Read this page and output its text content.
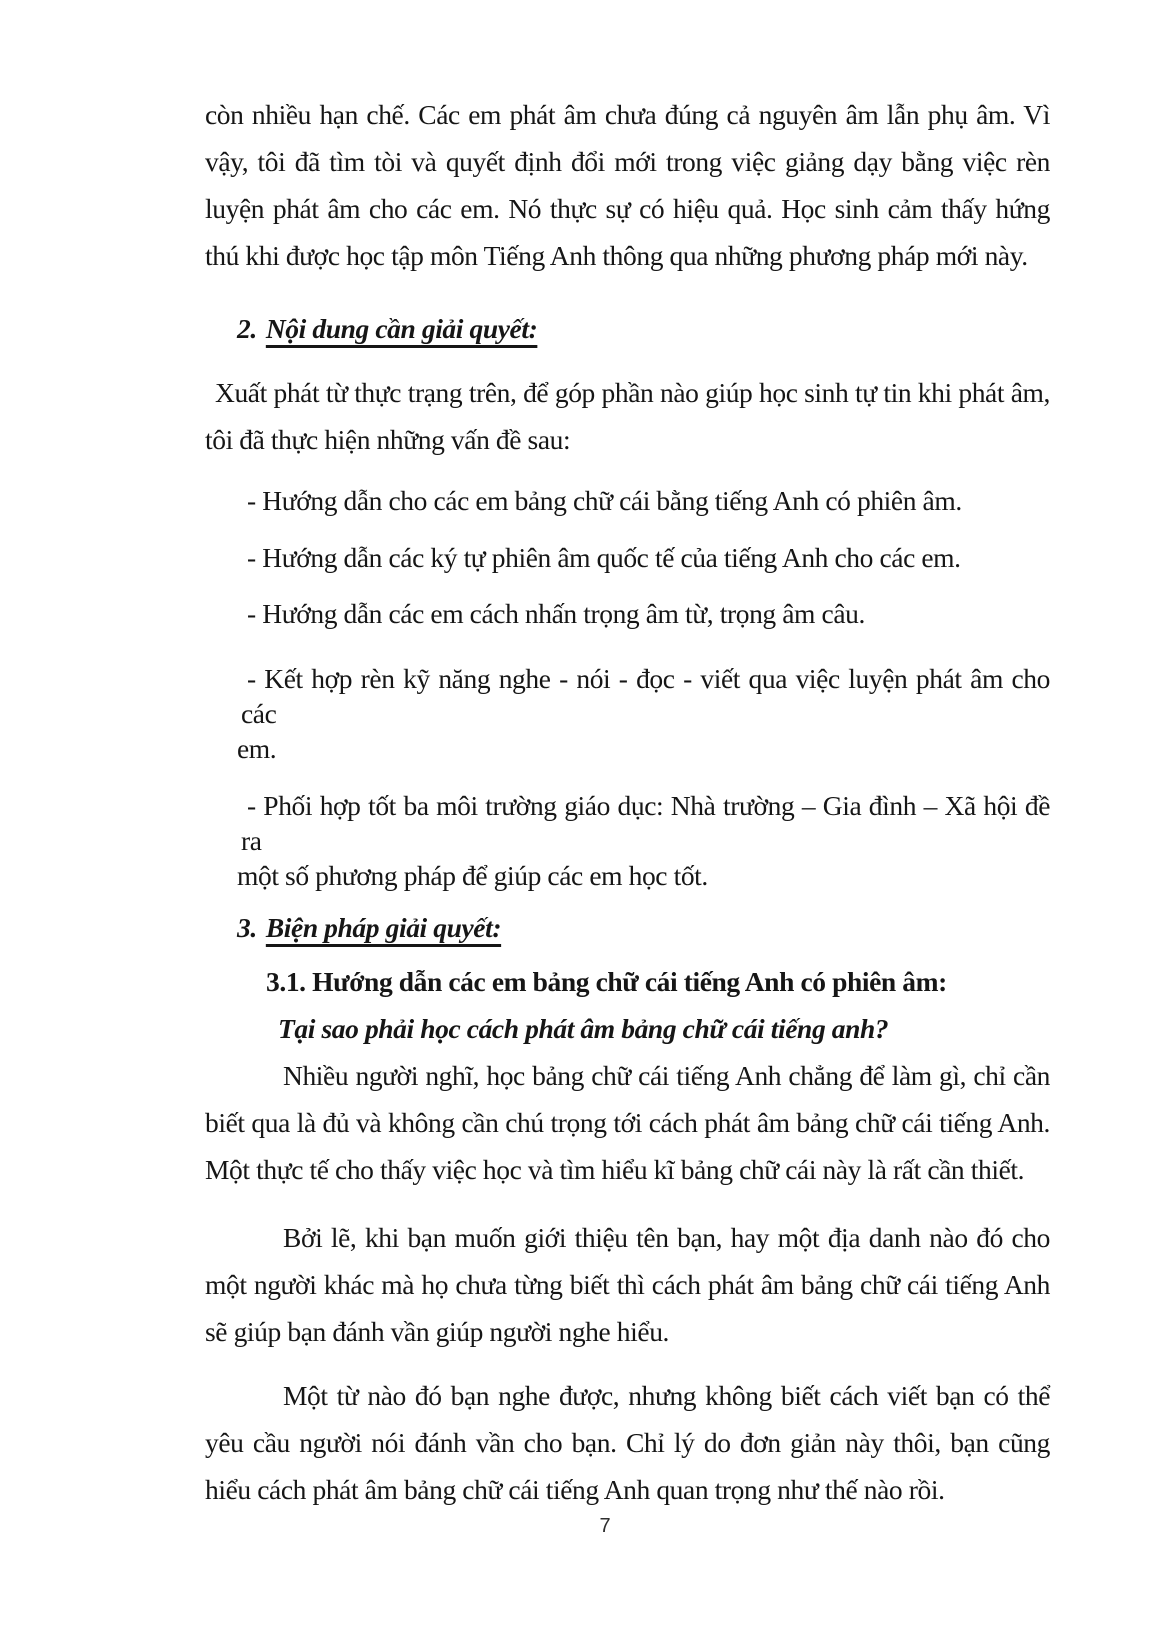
còn nhiều hạn chế. Các em phát âm chưa đúng cả nguyên âm lẫn phụ âm. Vì vậy, tôi đã tìm tòi và quyết định đổi mới trong việc giảng dạy bằng việc rèn luyện phát âm cho các em. Nó thực sự có hiệu quả. Học sinh cảm thấy hứng thú khi được học tập môn Tiếng Anh thông qua những phương pháp mới này.

2. Nội dung cần giải quyết:

Xuất phát từ thực trạng trên, để góp phần nào giúp học sinh tự tin khi phát âm, tôi đã thực hiện những vấn đề sau:

- Hướng dẫn cho các em bảng chữ cái bằng tiếng Anh có phiên âm.

- Hướng dẫn các ký tự phiên âm quốc tế của tiếng Anh cho các em.

- Hướng dẫn các em cách nhấn trọng âm từ, trọng âm câu.

- Kết hợp rèn kỹ năng nghe - nói - đọc - viết qua việc luyện phát âm cho các
em.

- Phối hợp tốt ba môi trường giáo dục: Nhà trường – Gia đình – Xã hội đề ra
một số phương pháp để giúp các em học tốt.

3. Biện pháp giải quyết:
3.1. Hướng dẫn các em bảng chữ cái tiếng Anh có phiên âm:

Tại sao phải học cách phát âm bảng chữ cái tiếng anh?

Nhiều người nghĩ, học bảng chữ cái tiếng Anh chẳng để làm gì, chỉ cần biết qua là đủ và không cần chú trọng tới cách phát âm bảng chữ cái tiếng Anh. Một thực tế cho thấy việc học và tìm hiểu kĩ bảng chữ cái này là rất cần thiết.

Bởi lẽ, khi bạn muốn giới thiệu tên bạn, hay một địa danh nào đó cho một người khác mà họ chưa từng biết thì cách phát âm bảng chữ cái tiếng Anh sẽ giúp bạn đánh vần giúp người nghe hiểu.

Một từ nào đó bạn nghe được, nhưng không biết cách viết bạn có thể yêu cầu người nói đánh vần cho bạn. Chỉ lý do đơn giản này thôi, bạn cũng hiểu cách phát âm bảng chữ cái tiếng Anh quan trọng như thế nào rồi.

7
